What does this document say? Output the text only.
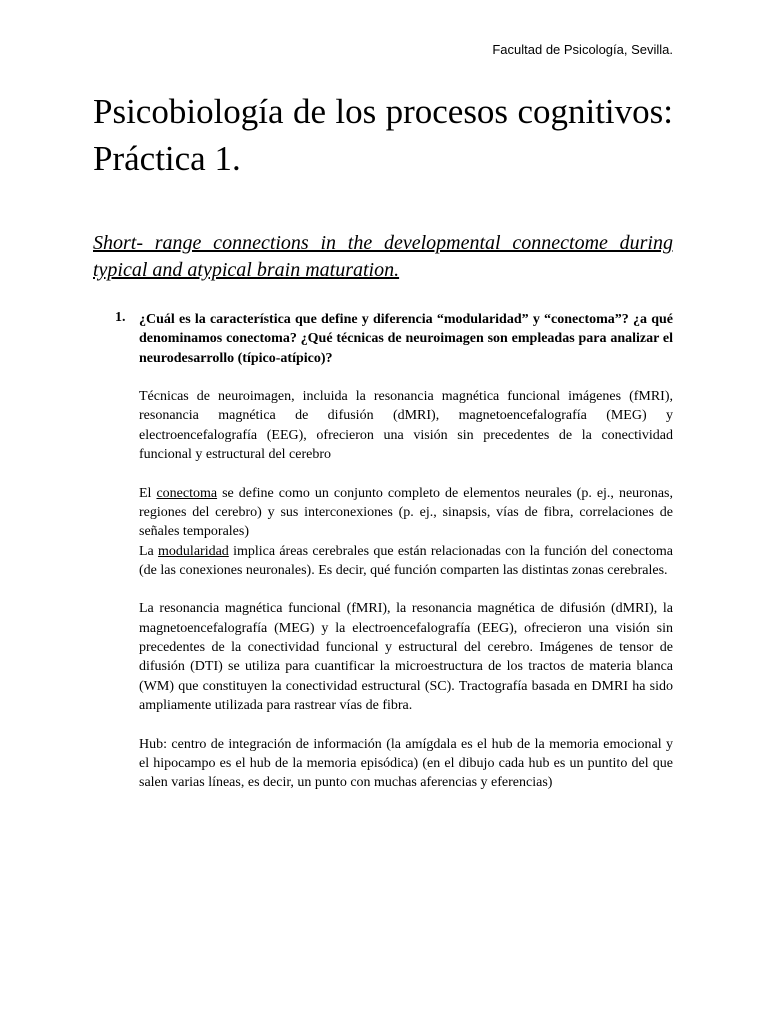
Facultad de Psicología, Sevilla.
Psicobiología de los procesos cognitivos: Práctica 1.
Short- range connections in the developmental connectome during typical and atypical brain maturation.
1. ¿Cuál es la característica que define y diferencia “modularidad” y “conectoma”? ¿a qué denominamos conectoma? ¿Qué técnicas de neuroimagen son empleadas para analizar el neurodesarrollo (típico-atípico)?

Técnicas de neuroimagen, incluida la resonancia magnética funcional imágenes (fMRI), resonancia magnética de difusión (dMRI), magnetoencefalografía (MEG) y electroencefalografía (EEG), ofrecieron una visión sin precedentes de la conectividad funcional y estructural del cerebro

El conectoma se define como un conjunto completo de elementos neurales (p. ej., neuronas, regiones del cerebro) y sus interconexiones (p. ej., sinapsis, vías de fibra, correlaciones de señales temporales)

La modularidad implica áreas cerebrales que están relacionadas con la función del conectoma (de las conexiones neuronales). Es decir, qué función comparten las distintas zonas cerebrales.

La resonancia magnética funcional (fMRI), la resonancia magnética de difusión (dMRI), la magnetoencefalografía (MEG) y la electroencefalografía (EEG), ofrecieron una visión sin precedentes de la conectividad funcional y estructural del cerebro. Imágenes de tensor de difusión (DTI) se utiliza para cuantificar la microestructura de los tractos de materia blanca (WM) que constituyen la conectividad estructural (SC). Tractografía basada en DMRI ha sido ampliamente utilizada para rastrear vías de fibra.

Hub: centro de integración de información (la amígdala es el hub de la memoria emocional y el hipocampo es el hub de la memoria episódica) (en el dibujo cada hub es un puntito del que salen varias líneas, es decir, un punto con muchas aferencias y eferencias)
